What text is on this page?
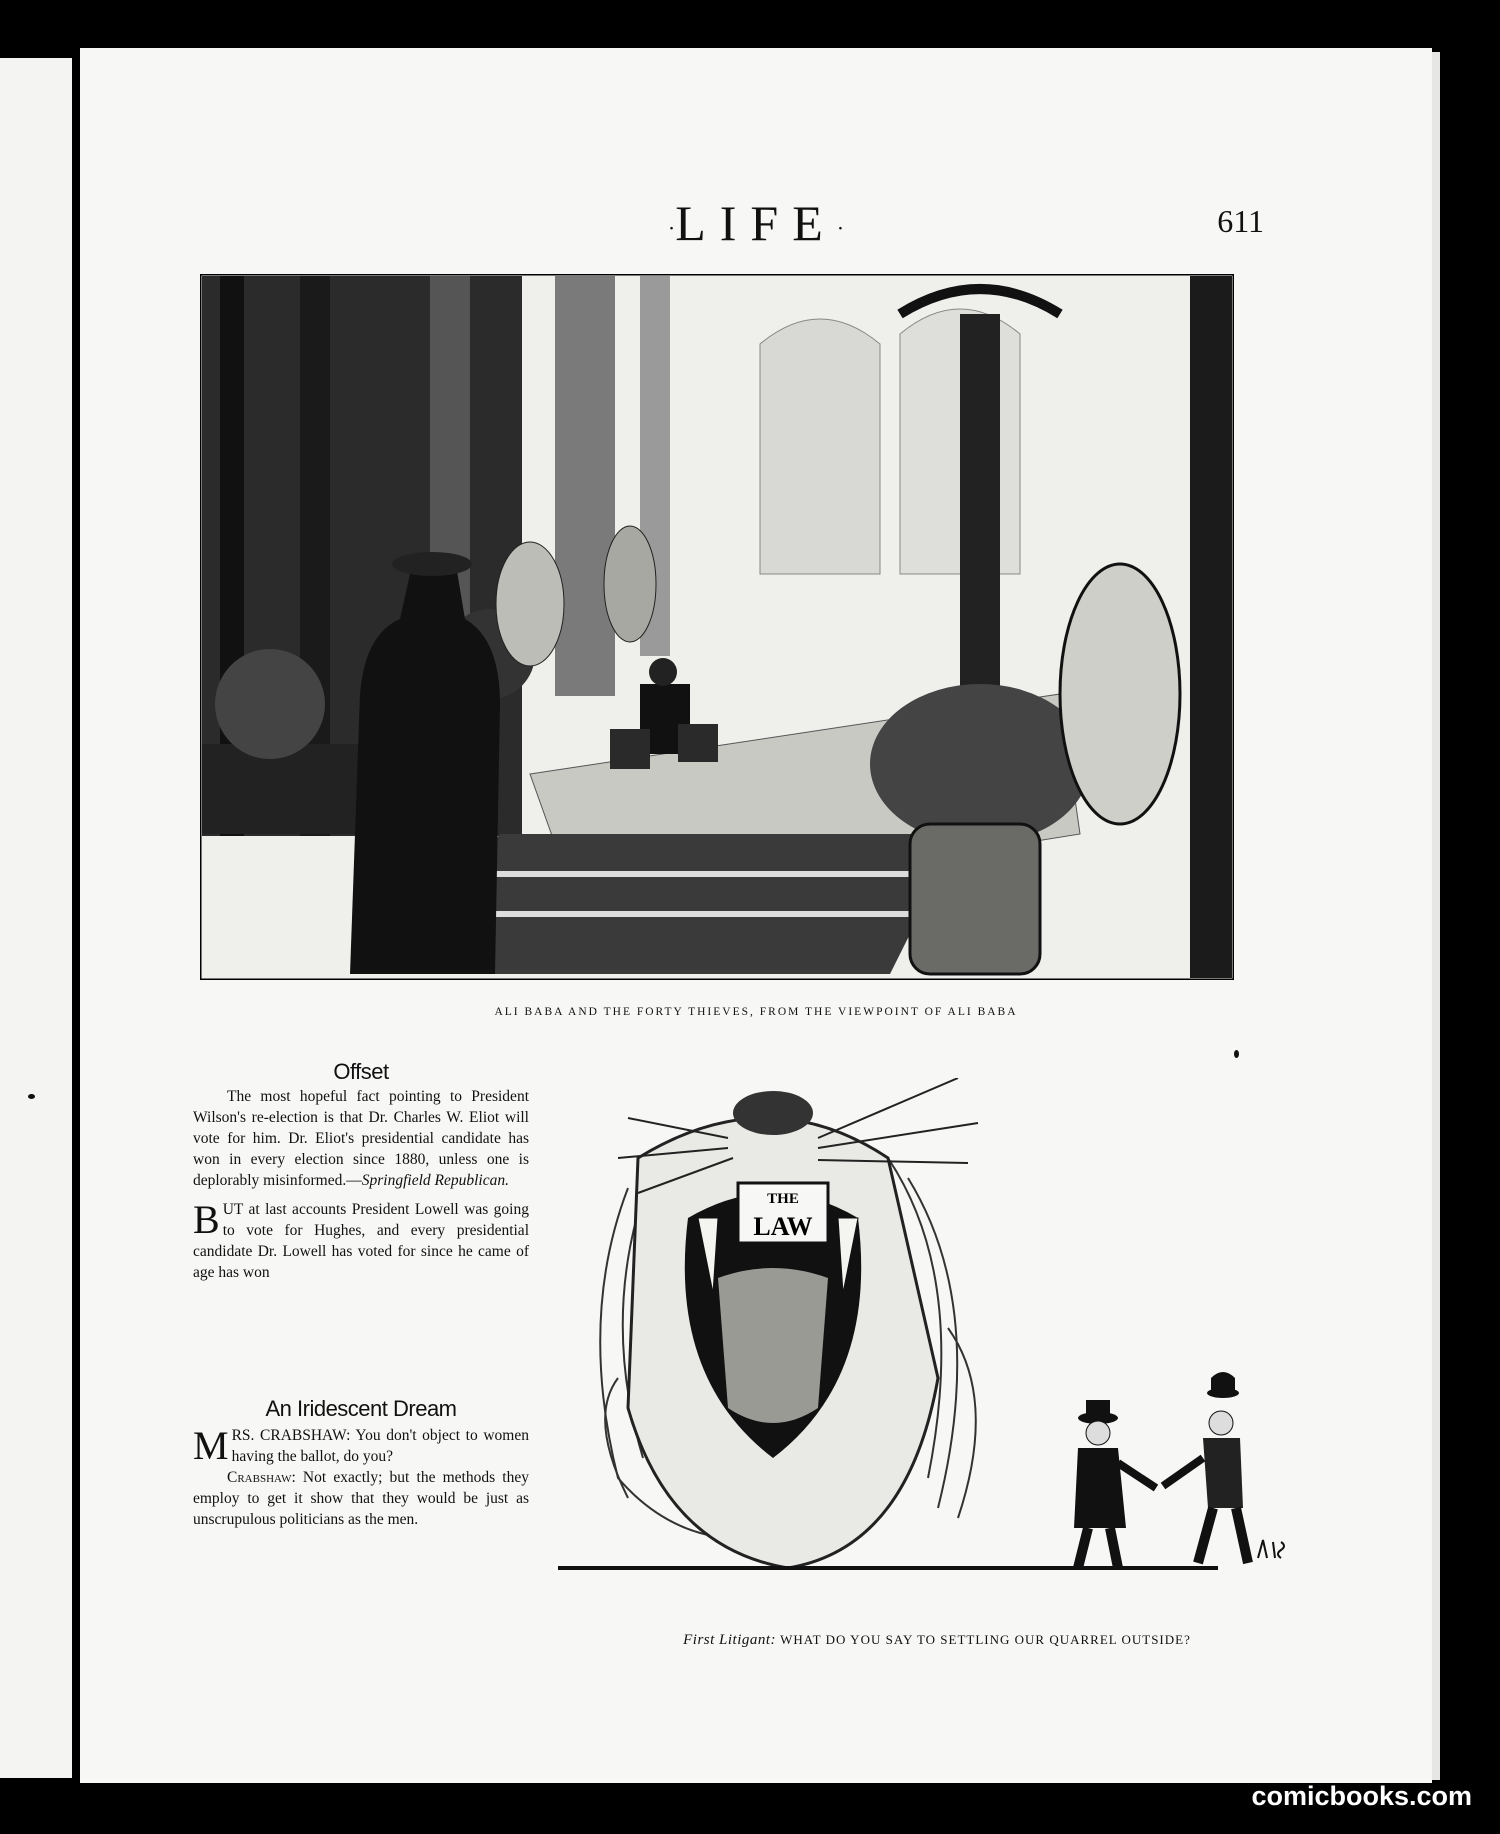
·LIFE·	611
ALI BABA AND THE FORTY THIEVES, FROM THE VIEWPOINT OF ALI BABA
Offset

The most hopeful fact pointing to President Wilson's re-election is that Dr. Charles W. Eliot will vote for him. Dr. Eliot's presidential candidate has won in every election since 1880, unless one is deplorably misinformed.—Springfield Republican.

BUT at last accounts President Lowell was going to vote for Hughes, and every presidential candidate Dr. Lowell has voted for since he came of age has won

An Iridescent Dream

MRS. CRABSHAW: You don't object to women having the ballot, do you?

Crabshaw: Not exactly; but the methods they employ to get it show that they would be just as unscrupulous politicians as the men.

THE
LAW
First Litigant: WHAT DO YOU SAY TO SETTLING OUR QUARREL OUTSIDE?
comicbooks.com
